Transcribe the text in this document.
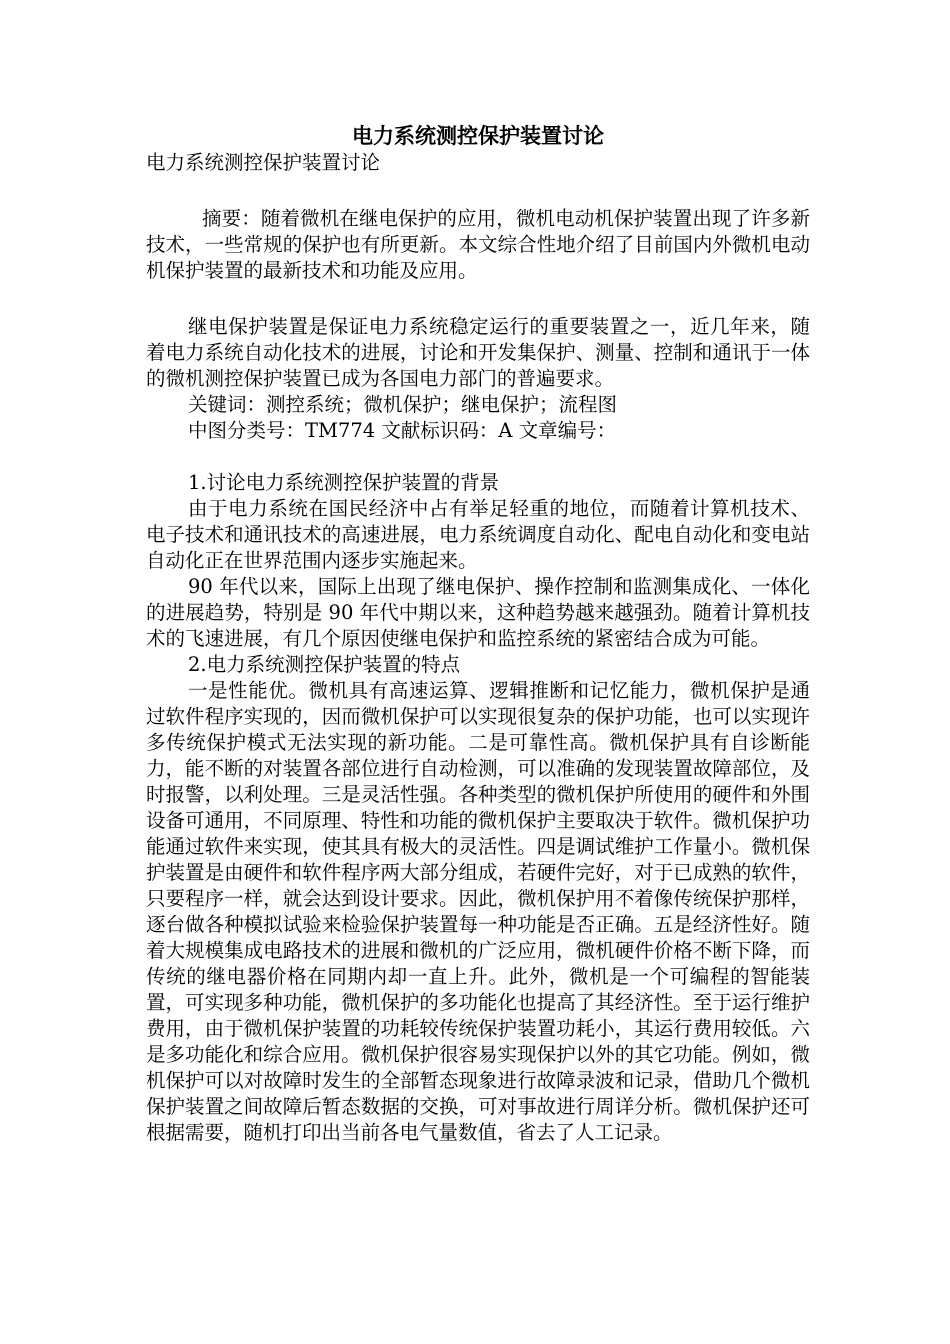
电力系统测控保护装置讨论

电力系统测控保护装置讨论

摘要：随着微机在继电保护的应用，微机电动机保护装置出现了许多新技术，一些常规的保护也有所更新。本文综合性地介绍了目前国内外微机电动机保护装置的最新技术和功能及应用。

继电保护装置是保证电力系统稳定运行的重要装置之一，近几年来，随着电力系统自动化技术的进展，讨论和开发集保护、测量、控制和通讯于一体的微机测控保护装置已成为各国电力部门的普遍要求。

关键词：测控系统；微机保护；继电保护；流程图

中图分类号：TM774 文献标识码：A 文章编号：

1.讨论电力系统测控保护装置的背景

由于电力系统在国民经济中占有举足轻重的地位，而随着计算机技术、电子技术和通讯技术的高速进展，电力系统调度自动化、配电自动化和变电站自动化正在世界范围内逐步实施起来。

90 年代以来，国际上出现了继电保护、操作控制和监测集成化、一体化的进展趋势，特别是 90 年代中期以来，这种趋势越来越强劲。随着计算机技术的飞速进展，有几个原因使继电保护和监控系统的紧密结合成为可能。

2.电力系统测控保护装置的特点

一是性能优。微机具有高速运算、逻辑推断和记忆能力，微机保护是通过软件程序实现的，因而微机保护可以实现很复杂的保护功能，也可以实现许多传统保护模式无法实现的新功能。二是可靠性高。微机保护具有自诊断能力，能不断的对装置各部位进行自动检测，可以准确的发现装置故障部位，及时报警，以利处理。三是灵活性强。各种类型的微机保护所使用的硬件和外围设备可通用，不同原理、特性和功能的微机保护主要取决于软件。微机保护功能通过软件来实现，使其具有极大的灵活性。四是调试维护工作量小。微机保护装置是由硬件和软件程序两大部分组成，若硬件完好，对于已成熟的软件，只要程序一样，就会达到设计要求。因此，微机保护用不着像传统保护那样，逐台做各种模拟试验来检验保护装置每一种功能是否正确。五是经济性好。随着大规模集成电路技术的进展和微机的广泛应用，微机硬件价格不断下降，而传统的继电器价格在同期内却一直上升。此外，微机是一个可编程的智能装置，可实现多种功能，微机保护的多功能化也提高了其经济性。至于运行维护费用，由于微机保护装置的功耗较传统保护装置功耗小，其运行费用较低。六是多功能化和综合应用。微机保护很容易实现保护以外的其它功能。例如，微机保护可以对故障时发生的全部暂态现象进行故障录波和记录，借助几个微机保护装置之间故障后暂态数据的交换，可对事故进行周详分析。微机保护还可根据需要，随机打印出当前各电气量数值，省去了人工记录。
